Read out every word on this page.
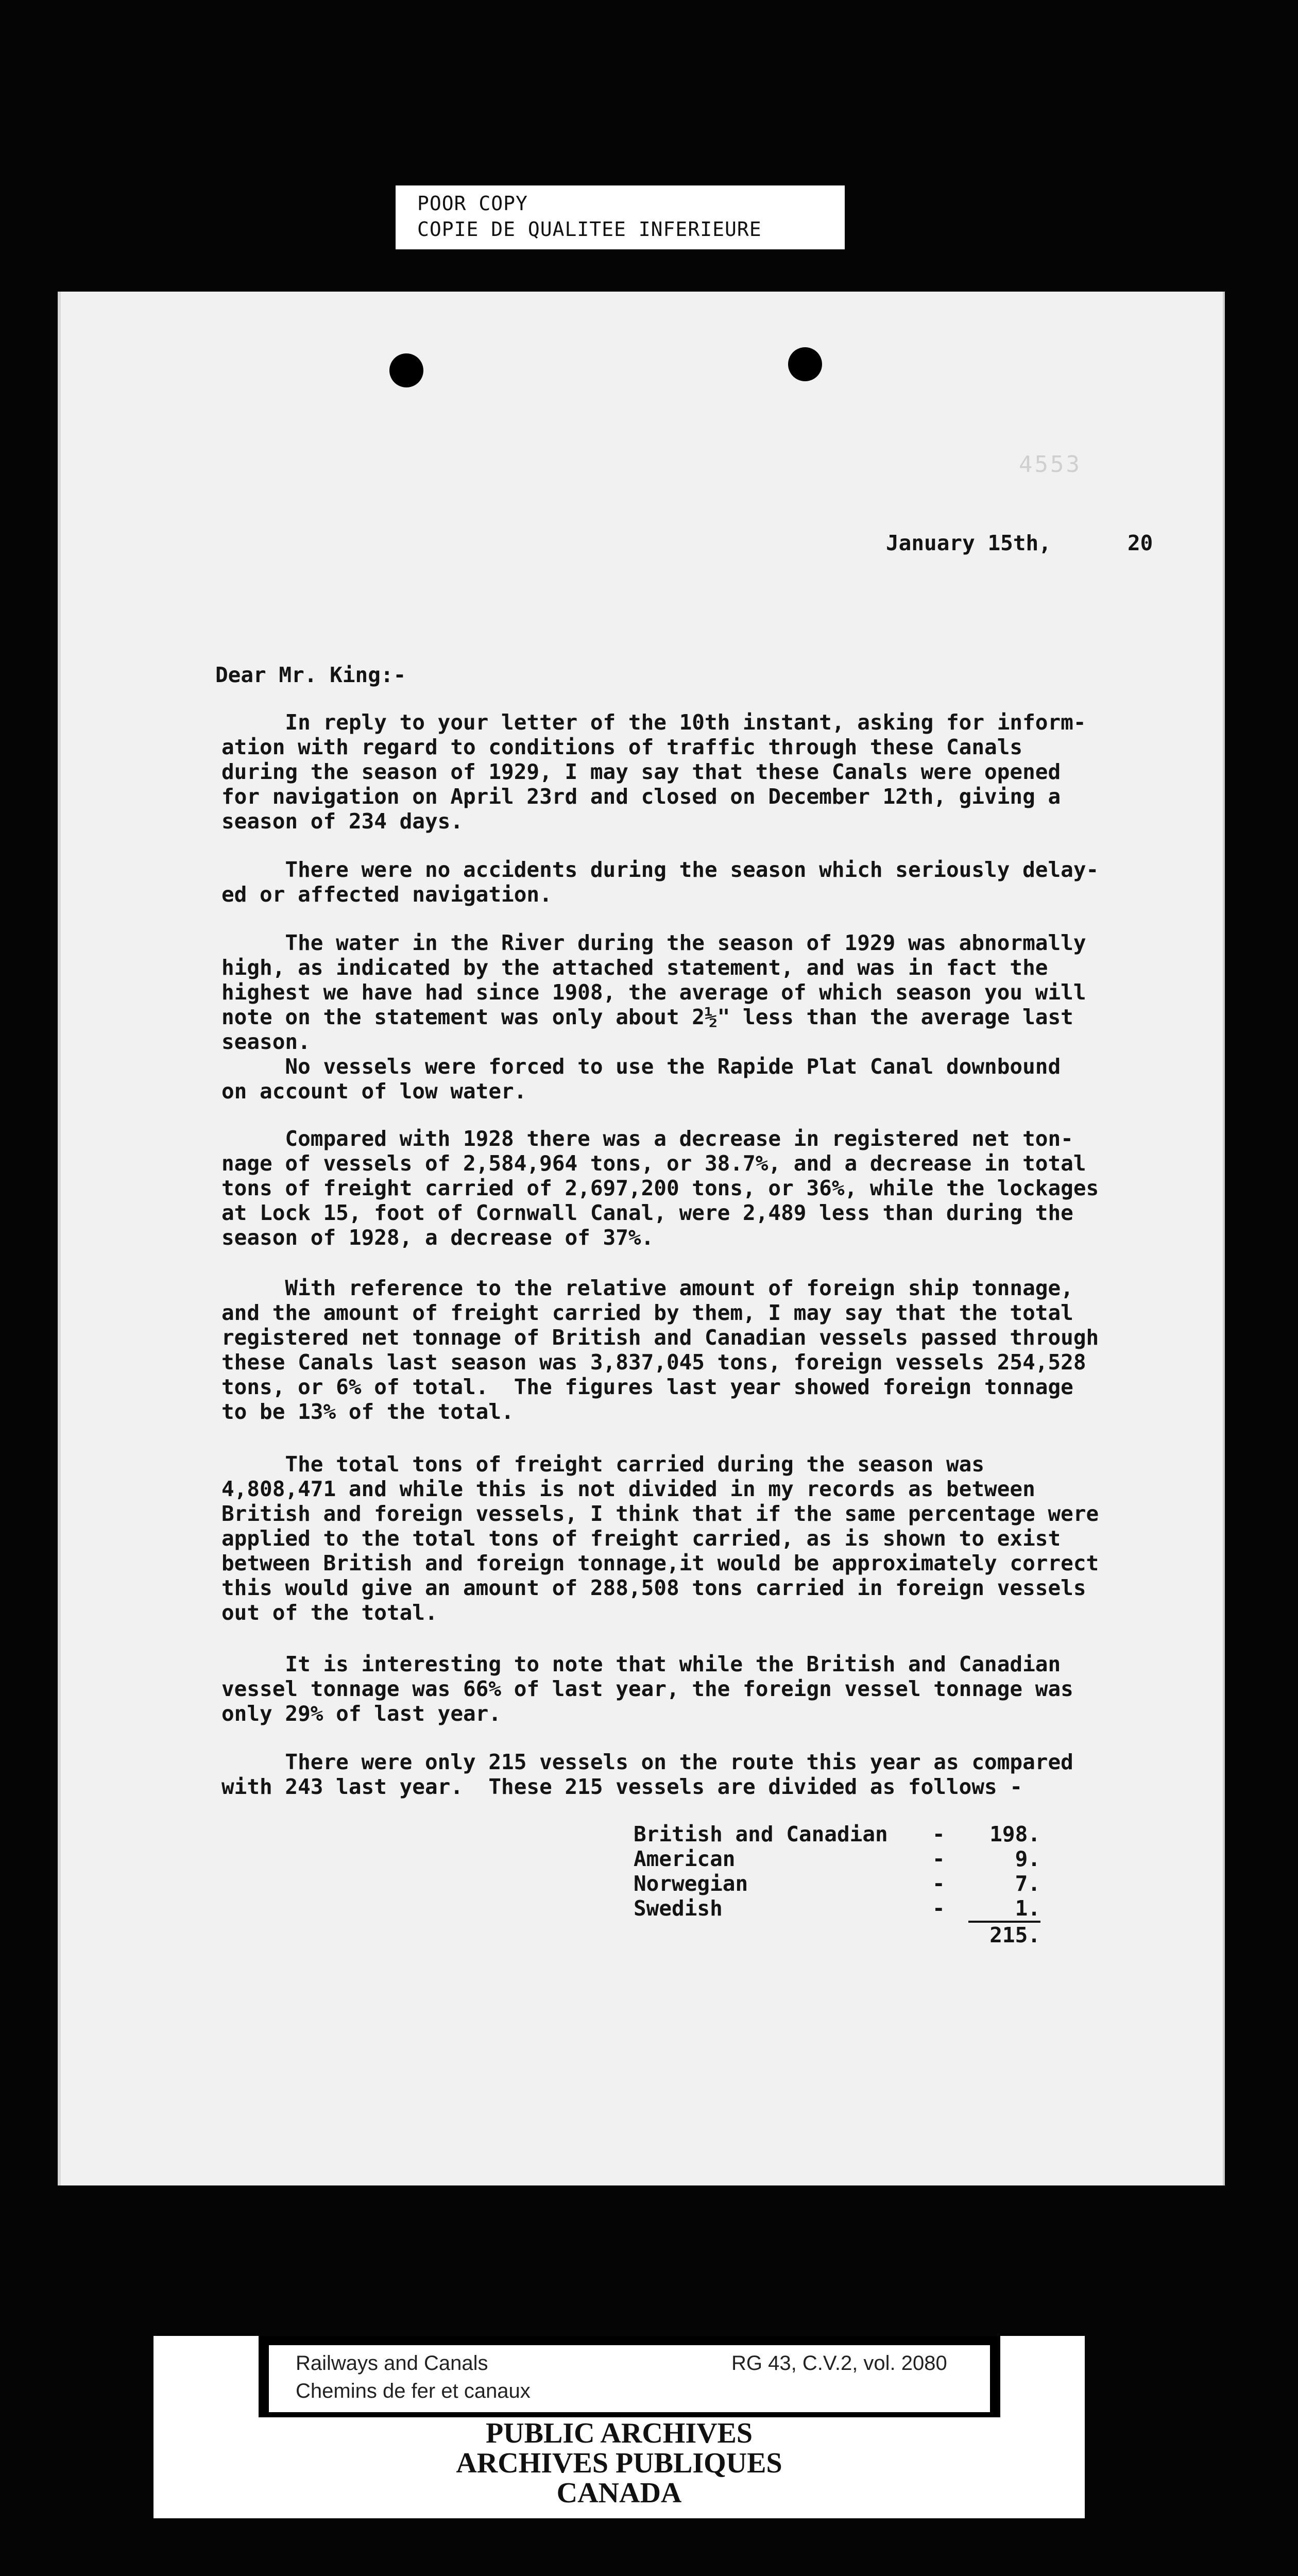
POOR COPY
COPIE DE QUALITEE INFERIEURE
4553
January 15th,      20
Dear Mr. King:-
In reply to your letter of the 10th instant, asking for inform-
ation with regard to conditions of traffic through these Canals
during the season of 1929, I may say that these Canals were opened
for navigation on April 23rd and closed on December 12th, giving a
season of 234 days.
There were no accidents during the season which seriously delay-
ed or affected navigation.
The water in the River during the season of 1929 was abnormally
high, as indicated by the attached statement, and was in fact the
highest we have had since 1908, the average of which season you will
note on the statement was only about 2½" less than the average last
season.
No vessels were forced to use the Rapide Plat Canal downbound
on account of low water.
Compared with 1928 there was a decrease in registered net ton-
nage of vessels of 2,584,964 tons, or 38.7%, and a decrease in total
tons of freight carried of 2,697,200 tons, or 36%, while the lockages
at Lock 15, foot of Cornwall Canal, were 2,489 less than during the
season of 1928, a decrease of 37%.
With reference to the relative amount of foreign ship tonnage,
and the amount of freight carried by them, I may say that the total
registered net tonnage of British and Canadian vessels passed through
these Canals last season was 3,837,045 tons, foreign vessels 254,528
tons, or 6% of total.  The figures last year showed foreign tonnage
to be 13% of the total.
The total tons of freight carried during the season was
4,808,471 and while this is not divided in my records as between
British and foreign vessels, I think that if the same percentage were
applied to the total tons of freight carried, as is shown to exist
between British and foreign tonnage,it would be approximately correct
this would give an amount of 288,508 tons carried in foreign vessels
out of the total.
It is interesting to note that while the British and Canadian
vessel tonnage was 66% of last year, the foreign vessel tonnage was
only 29% of last year.
There were only 215 vessels on the route this year as compared
with 243 last year.  These 215 vessels are divided as follows -
British and Canadian	-	198.
American	-	9.
Norwegian	-	7.
Swedish	-	1.
215.
Railways and Canals
Chemins de fer et canaux
RG 43, C.V.2, vol. 2080
PUBLIC ARCHIVES
ARCHIVES PUBLIQUES
CANADA
